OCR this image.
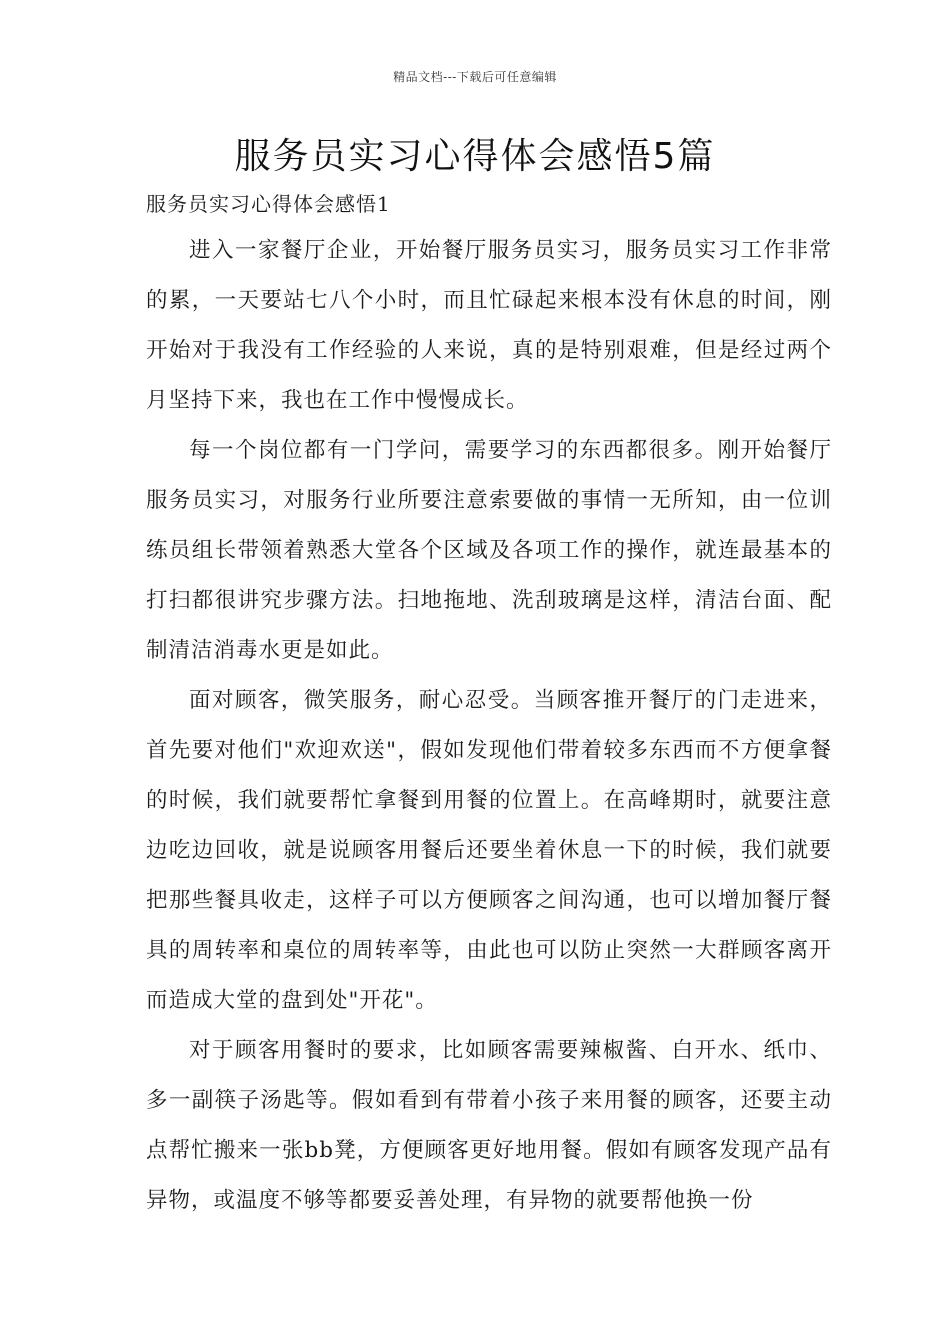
精品文档---下载后可任意编辑
服务员实习心得体会感悟5篇
服务员实习心得体会感悟1

进入一家餐厅企业，开始餐厅服务员实习，服务员实习工作非常的累，一天要站七八个小时，而且忙碌起来根本没有休息的时间，刚开始对于我没有工作经验的人来说，真的是特别艰难，但是经过两个月坚持下来，我也在工作中慢慢成长。

每一个岗位都有一门学问，需要学习的东西都很多。刚开始餐厅服务员实习，对服务行业所要注意索要做的事情一无所知，由一位训练员组长带领着熟悉大堂各个区域及各项工作的操作，就连最基本的打扫都很讲究步骤方法。扫地拖地、洗刮玻璃是这样，清洁台面、配制清洁消毒水更是如此。

面对顾客，微笑服务，耐心忍受。当顾客推开餐厅的门走进来，首先要对他们"欢迎欢送"，假如发现他们带着较多东西而不方便拿餐的时候，我们就要帮忙拿餐到用餐的位置上。在高峰期时，就要注意边吃边回收，就是说顾客用餐后还要坐着休息一下的时候，我们就要把那些餐具收走，这样子可以方便顾客之间沟通，也可以增加餐厅餐具的周转率和桌位的周转率等，由此也可以防止突然一大群顾客离开而造成大堂的盘到处"开花"。

对于顾客用餐时的要求，比如顾客需要辣椒酱、白开水、纸巾、多一副筷子汤匙等。假如看到有带着小孩子来用餐的顾客，还要主动点帮忙搬来一张bb凳，方便顾客更好地用餐。假如有顾客发现产品有异物，或温度不够等都要妥善处理，有异物的就要帮他换一份
